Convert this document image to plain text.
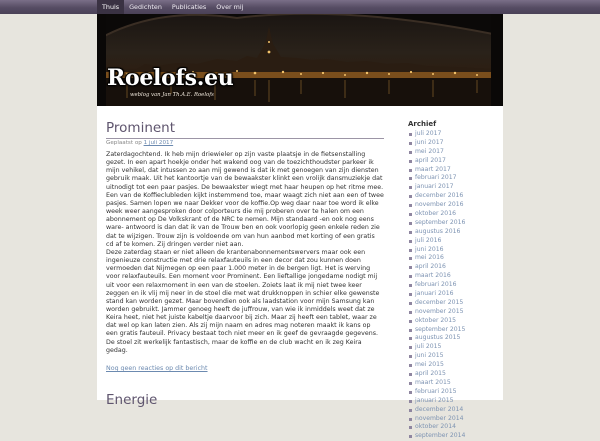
Thuis	Gedichten	Publicaties	Over mij
Roelofs.eu
weblog van Jan Th.A.E. Roelofs
Prominent
Geplaatst op 1 juli 2017

Zaterdagochtend. Ik heb mijn driewieler op zijn vaste plaatsje in de fietsenstalling gezet. In een apart hoekje onder het wakend oog van de toezichthoudster parkeer ik mijn vehikel, dat intussen zo aan mij gewend is dat ik met genoegen van zijn diensten gebruik maak. Uit het kantoortje van de bewaakster klinkt een vrolijk dansmuziekje dat uitnodigt tot een paar pasjes. De bewaakster wiegt met haar heupen op het ritme mee. Een van de Koffieclubleden kijkt instemmend toe, maar waagt zich niet aan een of twee pasjes. Samen lopen we naar Dekker voor de koffie.Op weg daar naar toe word ik elke week weer aangesproken door colporteurs die mij proberen over te halen om een abonnement op De Volkskrant of de NRC te nemen. Mijn standaard -en ook nog eens ware- antwoord is dan dat ik van de Trouw ben en ook voorlopig geen enkele reden zie dat te wijzigen. Trouw zijn is voldoende om van hun aanbod met korting of een gratis cd af te komen. Zij dringen verder niet aan.

Deze zaterdag staan er niet alleen de krantenabonnementswervers maar ook een ingenieuze constructie met drie relaxfauteuils in een decor dat zou kunnen doen vermoeden dat Nijmegen op een paar 1.000 meter in de bergen ligt. Het is werving voor relaxfauteuils. Een moment voor Prominent. Een lieftallige jongedame nodigt mij uit voor een relaxmoment in een van de stoelen. Zoiets laat ik mij niet twee keer zeggen en ik vlij mij neer in de stoel die met wat drukknoppen in schier elke gewenste stand kan worden gezet. Maar bovendien ook als laadstation voor mijn Samsung kan worden gebruikt. Jammer genoeg heeft de juffrouw, van wie ik inmiddels weet dat ze Keira heet, niet het juiste kabeltje daarvoor bij zich. Maar zij heeft een tablet, waar ze dat wel op kan laten zien. Als zij mijn naam en adres mag noteren maakt ik kans op een gratis fauteuil. Privacy bestaat toch niet meer en ik geef de gevraagde gegevens. De stoel zit werkelijk fantastisch, maar de koffie en de club wacht en ik zeg Keira gedag.

Nog geen reacties op dit bericht
Energie
Archief
juli 2017
juni 2017
mei 2017
april 2017
maart 2017
februari 2017
januari 2017
december 2016
november 2016
oktober 2016
september 2016
augustus 2016
juli 2016
juni 2016
mei 2016
april 2016
maart 2016
februari 2016
januari 2016
december 2015
november 2015
oktober 2015
september 2015
augustus 2015
juli 2015
juni 2015
mei 2015
april 2015
maart 2015
februari 2015
januari 2015
december 2014
november 2014
oktober 2014
september 2014
